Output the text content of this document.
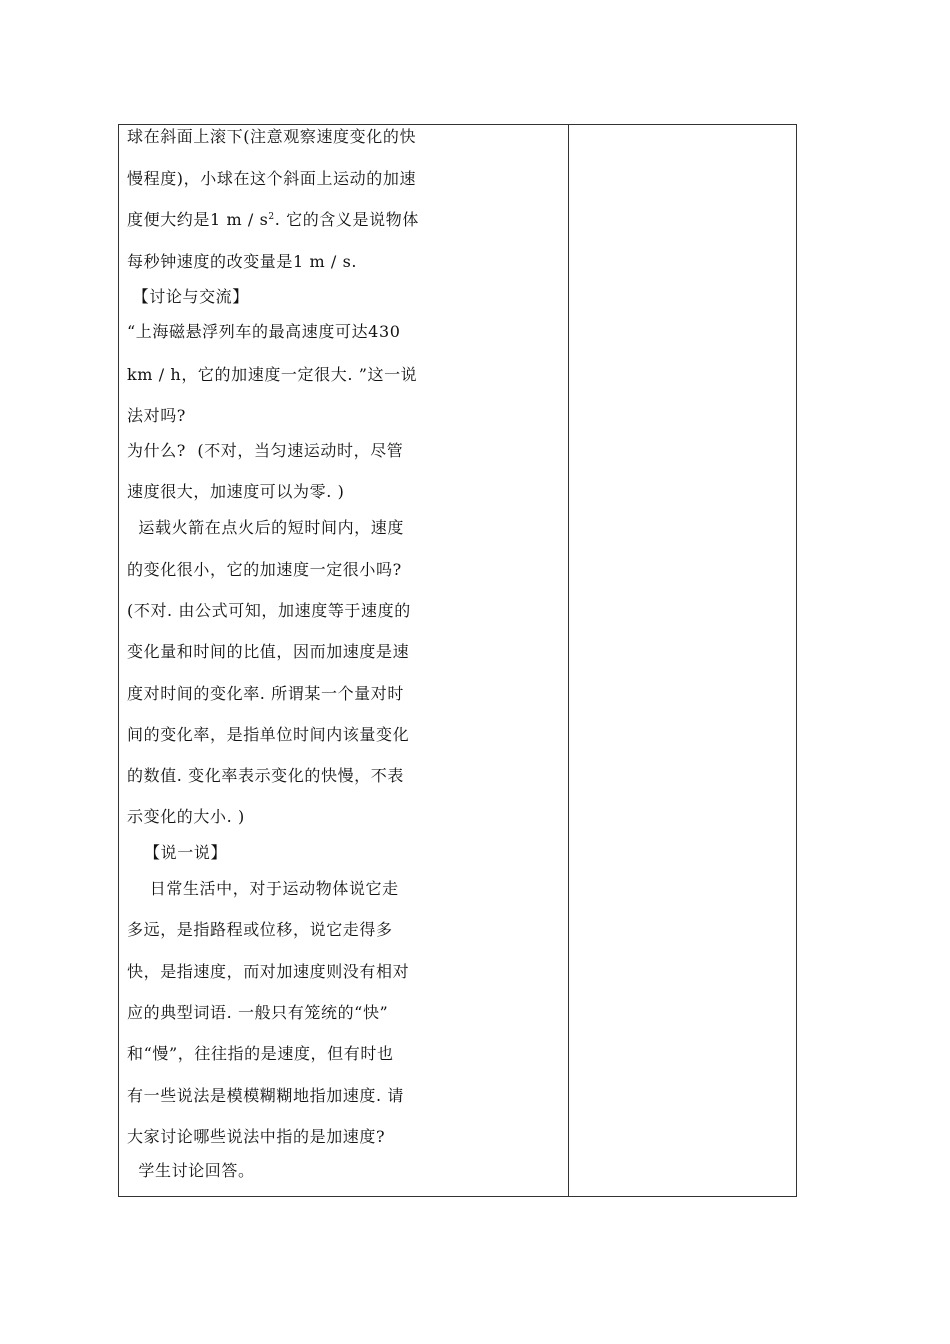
球在斜面上滚下(注意观察速度变化的快
慢程度)，小球在这个斜面上运动的加速
度便大约是1 m / $s^2$. 它的含义是说物体
每秒钟速度的改变量是1 m / s.
【讨论与交流】
“上海磁悬浮列车的最高速度可达430
km / h，它的加速度一定很大. ”这一说
法对吗?
为什么?  (不对，当匀速运动时，尽管
速度很大，加速度可以为零. )
运载火箭在点火后的短时间内，速度
的变化很小，它的加速度一定很小吗?
(不对. 由公式可知，加速度等于速度的
变化量和时间的比值，因而加速度是速
度对时间的变化率. 所谓某一个量对时
间的变化率，是指单位时间内该量变化
的数值. 变化率表示变化的快慢，不表
示变化的大小. )
【说一说】
日常生活中，对于运动物体说它走
多远，是指路程或位移，说它走得多
快，是指速度，而对加速度则没有相对
应的典型词语. 一般只有笼统的“快”
和“慢”，往往指的是速度，但有时也
有一些说法是模模糊糊地指加速度. 请
大家讨论哪些说法中指的是加速度?
学生讨论回答。
